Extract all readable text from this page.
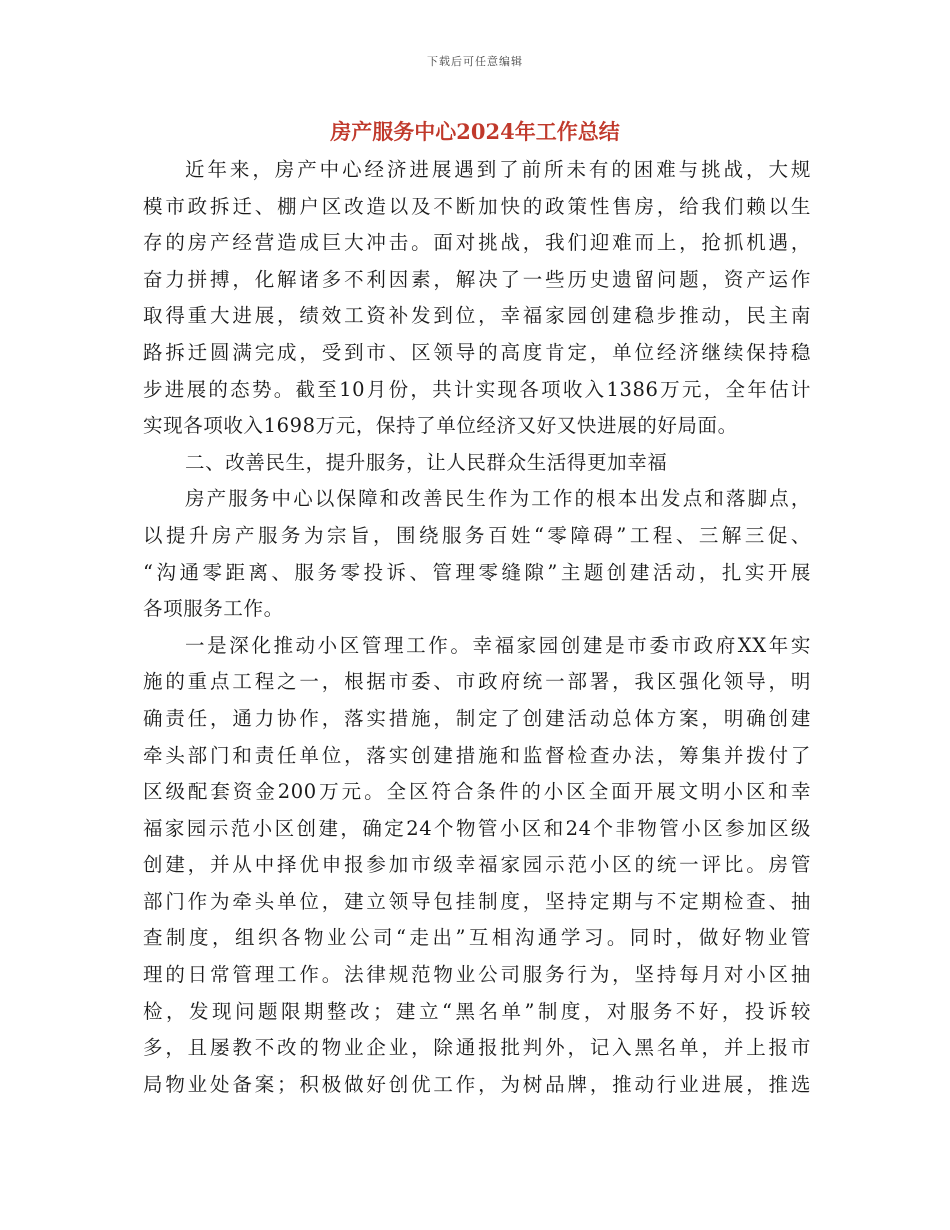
下载后可任意编辑
房产服务中心2024年工作总结
近年来，房产中心经济进展遇到了前所未有的困难与挑战，大规
模市政拆迁、棚户区改造以及不断加快的政策性售房，给我们赖以生
存的房产经营造成巨大冲击。面对挑战，我们迎难而上，抢抓机遇，
奋力拼搏，化解诸多不利因素，解决了一些历史遗留问题，资产运作
取得重大进展，绩效工资补发到位，幸福家园创建稳步推动，民主南
路拆迁圆满完成，受到市、区领导的高度肯定，单位经济继续保持稳
步进展的态势。截至10月份，共计实现各项收入1386万元，全年估计
实现各项收入1698万元，保持了单位经济又好又快进展的好局面。
二、改善民生，提升服务，让人民群众生活得更加幸福
房产服务中心以保障和改善民生作为工作的根本出发点和落脚点，
以提升房产服务为宗旨，围绕服务百姓“零障碍”工程、三解三促、
“沟通零距离、服务零投诉、管理零缝隙”主题创建活动，扎实开展
各项服务工作。
一是深化推动小区管理工作。幸福家园创建是市委市政府XX年实
施的重点工程之一，根据市委、市政府统一部署，我区强化领导，明
确责任，通力协作，落实措施，制定了创建活动总体方案，明确创建
牵头部门和责任单位，落实创建措施和监督检查办法，筹集并拨付了
区级配套资金200万元。全区符合条件的小区全面开展文明小区和幸
福家园示范小区创建，确定24个物管小区和24个非物管小区参加区级
创建，并从中择优申报参加市级幸福家园示范小区的统一评比。房管
部门作为牵头单位，建立领导包挂制度，坚持定期与不定期检查、抽
查制度，组织各物业公司“走出”互相沟通学习。同时，做好物业管
理的日常管理工作。法律规范物业公司服务行为，坚持每月对小区抽
检，发现问题限期整改；建立“黑名单”制度，对服务不好，投诉较
多，且屡教不改的物业企业，除通报批判外，记入黑名单，并上报市
局物业处备案；积极做好创优工作，为树品牌，推动行业进展，推选
